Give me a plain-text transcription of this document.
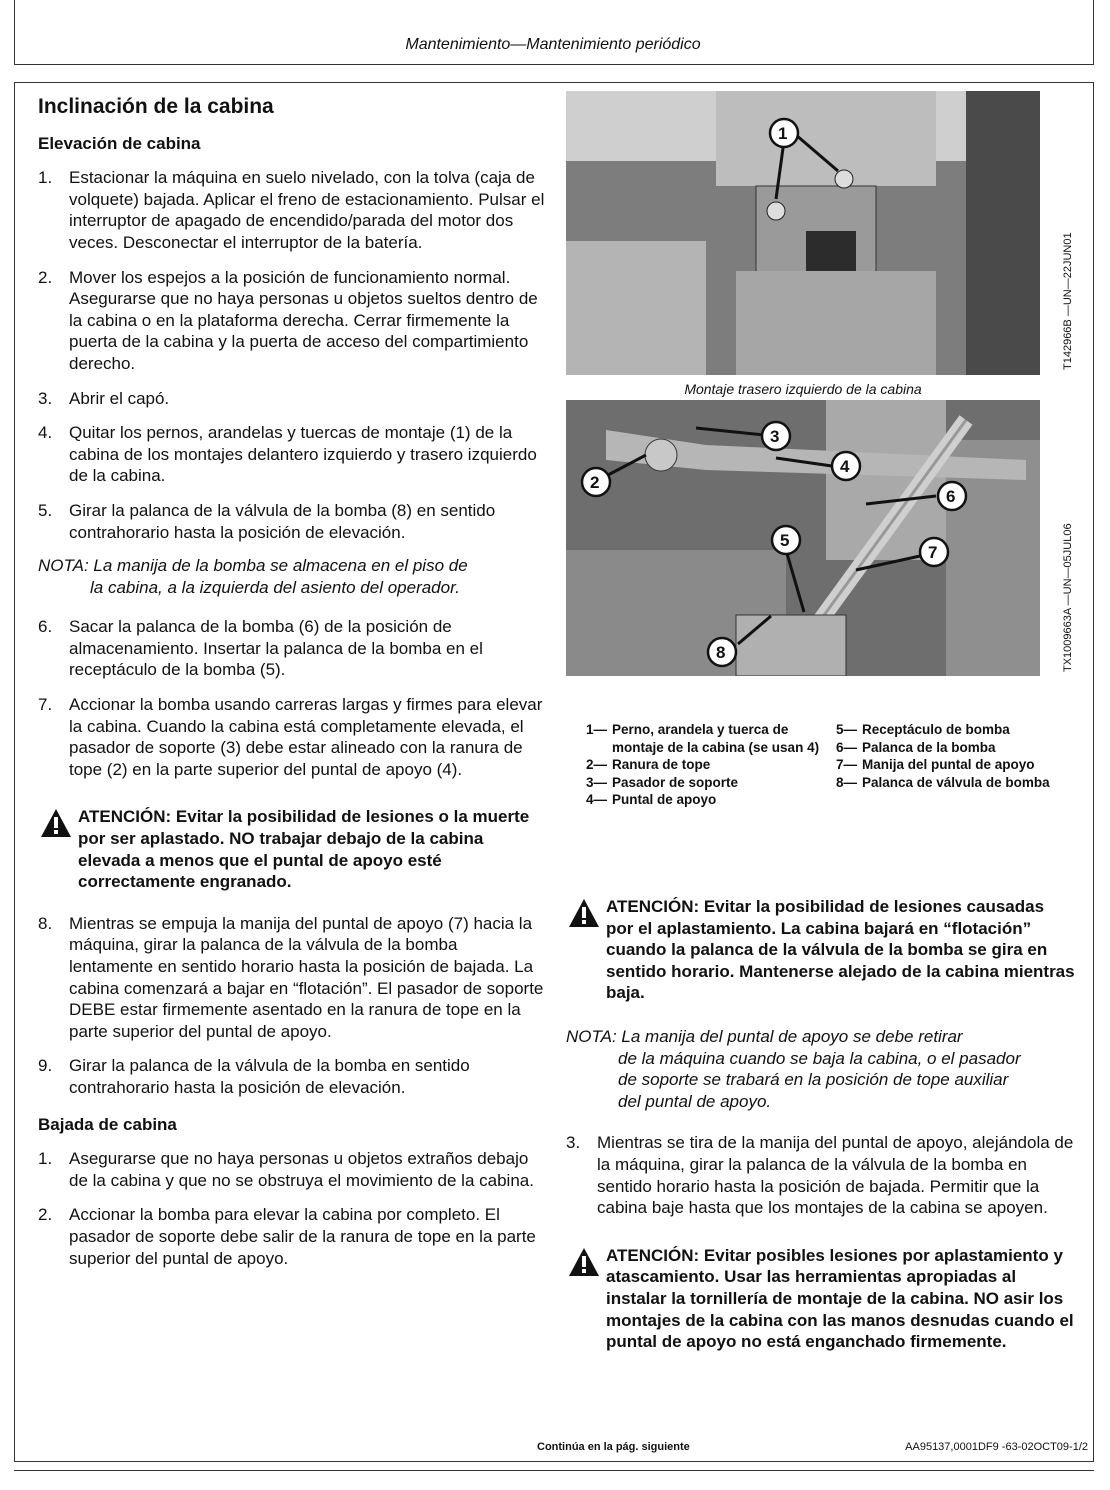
Mantenimiento—Mantenimiento periódico
Inclinación de la cabina
Elevación de cabina
1. Estacionar la máquina en suelo nivelado, con la tolva (caja de volquete) bajada. Aplicar el freno de estacionamiento. Pulsar el interruptor de apagado de encendido/parada del motor dos veces. Desconectar el interruptor de la batería.
2. Mover los espejos a la posición de funcionamiento normal. Asegurarse que no haya personas u objetos sueltos dentro de la cabina o en la plataforma derecha. Cerrar firmemente la puerta de la cabina y la puerta de acceso del compartimiento derecho.
3. Abrir el capó.
4. Quitar los pernos, arandelas y tuercas de montaje (1) de la cabina de los montajes delantero izquierdo y trasero izquierdo de la cabina.
5. Girar la palanca de la válvula de la bomba (8) en sentido contrahorario hasta la posición de elevación.
NOTA: La manija de la bomba se almacena en el piso de
la cabina, a la izquierda del asiento del operador.
6. Sacar la palanca de la bomba (6) de la posición de almacenamiento. Insertar la palanca de la bomba en el receptáculo de la bomba (5).
7. Accionar la bomba usando carreras largas y firmes para elevar la cabina. Cuando la cabina está completamente elevada, el pasador de soporte (3) debe estar alineado con la ranura de tope (2) en la parte superior del puntal de apoyo (4).
ATENCIÓN: Evitar la posibilidad de lesiones o la muerte por ser aplastado. NO trabajar debajo de la cabina elevada a menos que el puntal de apoyo esté correctamente engranado.
8. Mientras se empuja la manija del puntal de apoyo (7) hacia la máquina, girar la palanca de la válvula de la bomba lentamente en sentido horario hasta la posición de bajada. La cabina comenzará a bajar en “flotación”. El pasador de soporte DEBE estar firmemente asentado en la ranura de tope en la parte superior del puntal de apoyo.
9. Girar la palanca de la válvula de la bomba en sentido contrahorario hasta la posición de elevación.
Bajada de cabina
1. Asegurarse que no haya personas u objetos extraños debajo de la cabina y que no se obstruya el movimiento de la cabina.
2. Accionar la bomba para elevar la cabina por completo. El pasador de soporte debe salir de la ranura de tope en la parte superior del puntal de apoyo.
1
Montaje trasero izquierdo de la cabina
T142966B —UN—22JUN01
2
3
4
5
6
7
8	TX1009663A —UN—05JUL06
1— Perno, arandela y tuerca de montaje de la cabina (se usan 4)
2— Ranura de tope
3— Pasador de soporte
4— Puntal de apoyo
5— Receptáculo de bomba
6— Palanca de la bomba
7— Manija del puntal de apoyo
8— Palanca de válvula de bomba
ATENCIÓN: Evitar la posibilidad de lesiones causadas por el aplastamiento. La cabina bajará en “flotación” cuando la palanca de la válvula de la bomba se gira en sentido horario. Mantenerse alejado de la cabina mientras baja.
NOTA: La manija del puntal de apoyo se debe retirar
de la máquina cuando se baja la cabina, o el pasador de soporte se trabará en la posición de tope auxiliar del puntal de apoyo.
3. Mientras se tira de la manija del puntal de apoyo, alejándola de la máquina, girar la palanca de la válvula de la bomba en sentido horario hasta la posición de bajada. Permitir que la cabina baje hasta que los montajes de la cabina se apoyen.
ATENCIÓN: Evitar posibles lesiones por aplastamiento y atascamiento. Usar las herramientas apropiadas al instalar la tornillería de montaje de la cabina. NO asir los montajes de la cabina con las manos desnudas cuando el puntal de apoyo no está enganchado firmemente.
Continúa en la pág. siguiente	AA95137,0001DF9 -63-02OCT09-1/2
